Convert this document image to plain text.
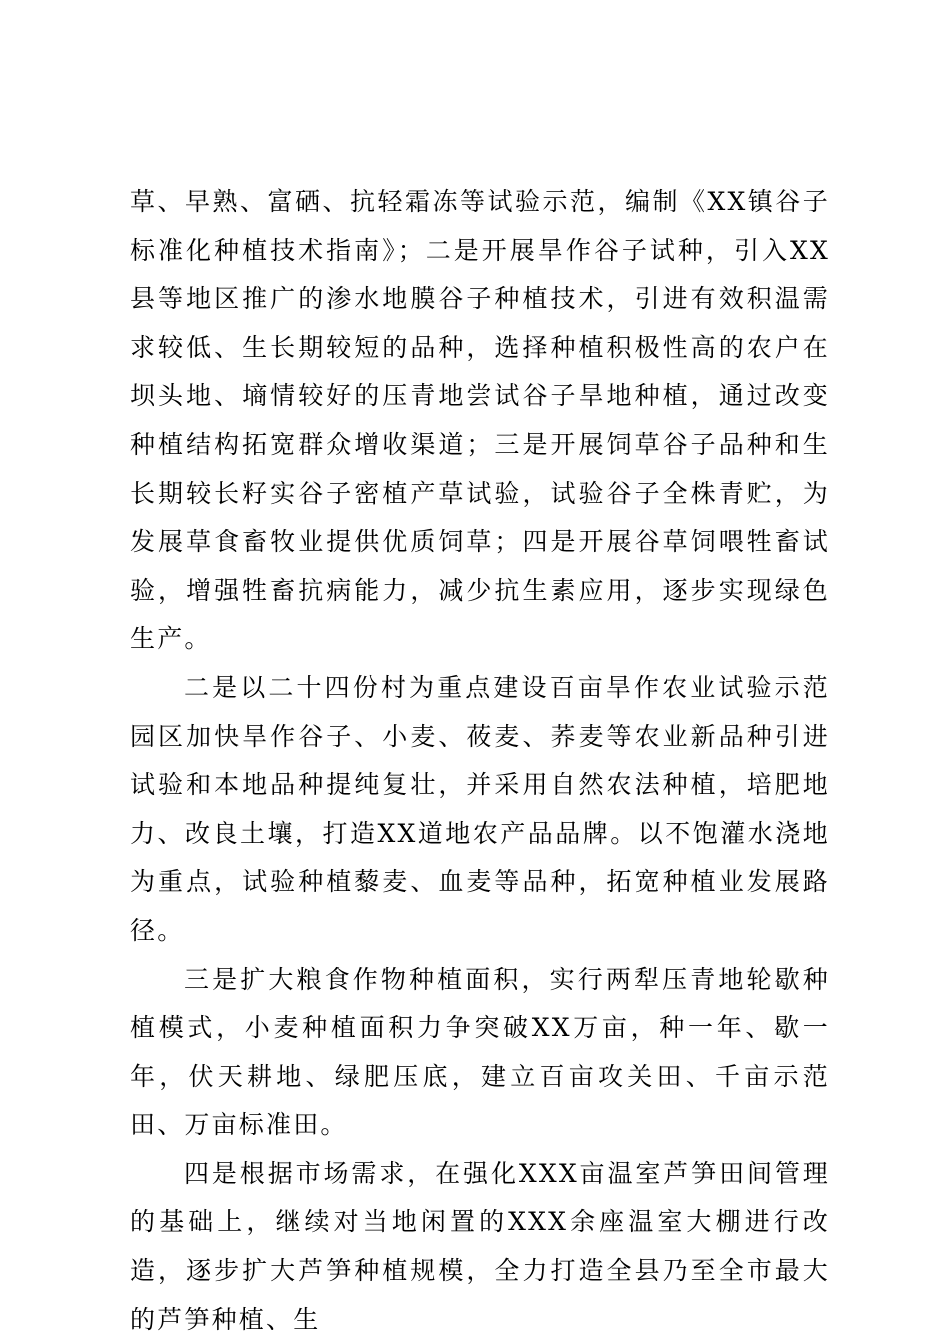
草、早熟、富硒、抗轻霜冻等试验示范，编制《XX镇谷子标准化种植技术指南》；二是开展旱作谷子试种，引入XX县等地区推广的渗水地膜谷子种植技术，引进有效积温需求较低、生长期较短的品种，选择种植积极性高的农户在坝头地、墒情较好的压青地尝试谷子旱地种植，通过改变种植结构拓宽群众增收渠道；三是开展饲草谷子品种和生长期较长籽实谷子密植产草试验，试验谷子全株青贮，为发展草食畜牧业提供优质饲草；四是开展谷草饲喂牲畜试验，增强牲畜抗病能力，减少抗生素应用，逐步实现绿色生产。

二是以二十四份村为重点建设百亩旱作农业试验示范园区加快旱作谷子、小麦、莜麦、荞麦等农业新品种引进试验和本地品种提纯复壮，并采用自然农法种植，培肥地力、改良土壤，打造XX道地农产品品牌。以不饱灌水浇地为重点，试验种植藜麦、血麦等品种，拓宽种植业发展路径。

三是扩大粮食作物种植面积，实行两犁压青地轮歇种植模式，小麦种植面积力争突破XX万亩，种一年、歇一年，伏天耕地、绿肥压底，建立百亩攻关田、千亩示范田、万亩标准田。

四是根据市场需求，在强化XXX亩温室芦笋田间管理的基础上，继续对当地闲置的XXX余座温室大棚进行改造，逐步扩大芦笋种植规模，全力打造全县乃至全市最大的芦笋种植、生
